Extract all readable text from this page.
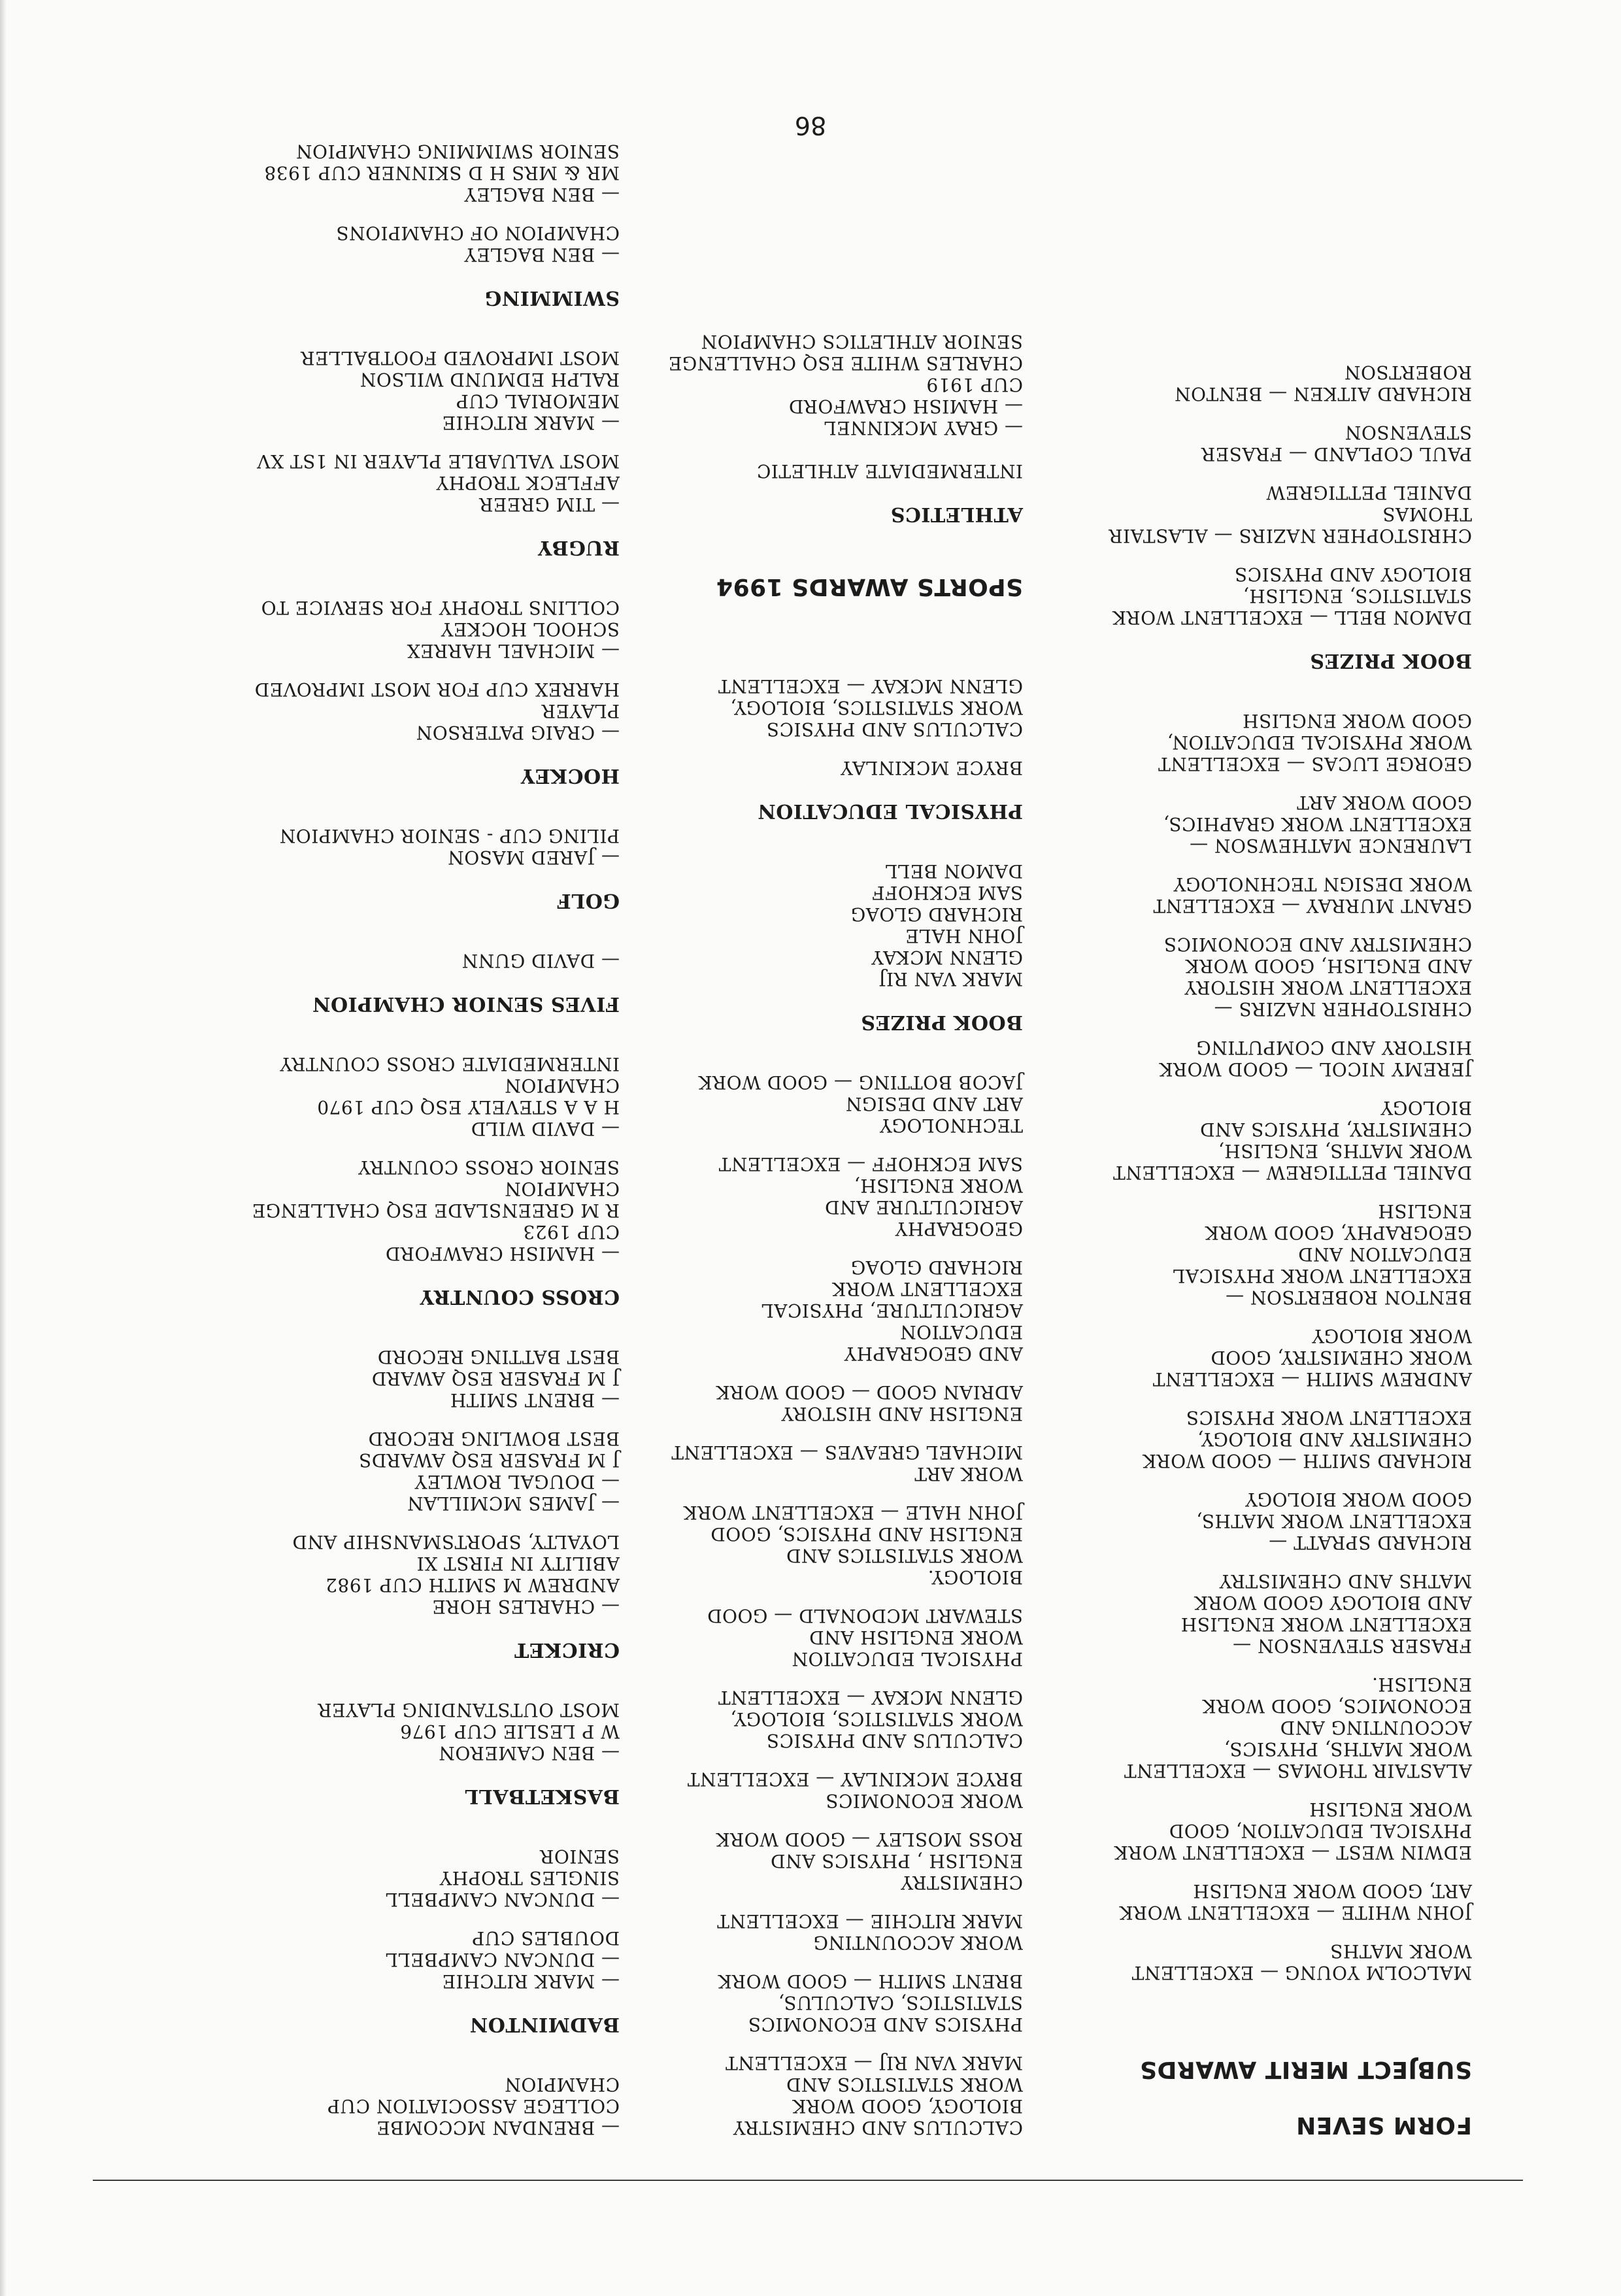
FORM SEVEN

SUBJECT MERIT AWARDS

MALCOLM YOUNG — EXCELLENT
WORK MATHS
JOHN WHITE — EXCELLENT WORK
ART, GOOD WORK ENGLISH
EDWIN WEST — EXCELLENT WORK
PHYSICAL EDUCATION, GOOD
WORK ENGLISH
ALASTAIR THOMAS — EXCELLENT
WORK MATHS, PHYSICS,
ACCOUNTING AND
ECONOMICS, GOOD WORK
ENGLISH.
FRASER STEVENSON —
EXCELLENT WORK ENGLISH
AND BIOLOGY GOOD WORK
MATHS AND CHEMISTRY
RICHARD SPRATT —
EXCELLENT WORK MATHS,
GOOD WORK BIOLOGY
RICHARD SMITH — GOOD WORK
CHEMISTRY AND BIOLOGY,
EXCELLENT WORK PHYSICS
ANDREW SMITH — EXCELLENT
WORK CHEMISTRY, GOOD
WORK BIOLOGY
BENTON ROBERTSON —
EXCELLENT WORK PHYSICAL
EDUCATION AND
GEOGRAPHY, GOOD WORK
ENGLISH
DANIEL PETTIGREW — EXCELLENT
WORK MATHS, ENGLISH,
CHEMISTRY, PHYSICS AND
BIOLOGY
JEREMY NICOL — GOOD WORK
HISTORY AND COMPUTING
CHRISTOPHER NAZIRS —
EXCELLENT WORK HISTORY
AND ENGLISH, GOOD WORK
CHEMISTRY AND ECONOMICS
GRANT MURRAY — EXCELLENT
WORK DESIGN TECHNOLOGY
LAURENCE MATHEWSON —
EXCELLENT WORK GRAPHICS,
GOOD WORK ART
GEORGE LUCAS — EXCELLENT
WORK PHYSICAL EDUCATION,
GOOD WORK ENGLISH

BOOK PRIZES

DAMON BELL — EXCELLENT WORK
STATISTICS, ENGLISH,
BIOLOGY AND PHYSICS
CHRISTOPHER NAZIRS — ALASTAIR
THOMAS
DANIEL PETTIGREW
PAUL COPLAND — FRASER
STEVENSON
RICHARD AITKEN — BENTON
ROBERTSON

CALCULUS AND CHEMISTRY
BIOLOGY, GOOD WORK
WORK STATISTICS AND
MARK VAN RIJ — EXCELLENT
PHYSICS AND ECONOMICS
STATISTICS, CALCULUS,
BRENT SMITH — GOOD WORK
WORK ACCOUNTING
MARK RITCHIE — EXCELLENT
CHEMISTRY
ENGLISH , PHYSICS AND
ROSS MOSLEY — GOOD WORK
WORK ECONOMICS
BRYCE MCKINLAY — EXCELLENT
CALCULUS AND PHYSICS
WORK STATISTICS, BIOLOGY,
GLENN MCKAY — EXCELLENT
PHYSICAL EDUCATION
WORK ENGLISH AND
STEWART MCDONALD — GOOD
BIOLOGY.
WORK STATISTICS AND
ENGLISH AND PHYSICS, GOOD
JOHN HALE — EXCELLENT WORK
WORK ART
MICHAEL GREAVES — EXCELLENT
ENGLISH AND HISTORY
ADRIAN GOOD — GOOD WORK
AND GEOGRAPHY
EDUCATION
AGRICULTURE, PHYSICAL
EXCELLENT WORK
RICHARD GLOAG
GEOGRAPHY
AGRICULTURE AND
WORK ENGLISH,
SAM ECKHOFF — EXCELLENT
TECHNOLOGY
ART AND DESIGN
JACOB BOTTING — GOOD WORK

BOOK PRIZES

MARK VAN RIJ
GLENN MCKAY
JOHN HALE
RICHARD GLOAG
SAM ECKHOFF
DAMON BELL

PHYSICAL EDUCATION

BRYCE MCKINLAY
CALCULUS AND PHYSICS
WORK STATISTICS, BIOLOGY,
GLENN MCKAY — EXCELLENT

SPORTS AWARDS 1994

ATHLETICS

INTERMEDIATE ATHLETIC

— GRAY MCKINNEL
— HAMISH CRAWFORD
CUP 1919
CHARLES WHITE ESQ CHALLENGE
SENIOR ATHLETICS CHAMPION

— BRENDAN MCCOMBE
COLLEGE ASSOCIATION CUP
CHAMPION

BADMINTON

— MARK RITCHIE
— DUNCAN CAMPBELL
DOUBLES CUP
— DUNCAN CAMPBELL
SINGLES TROPHY
SENIOR

BASKETBALL

— BEN CAMERON
W P LESLIE CUP 1976
MOST OUTSTANDING PLAYER

CRICKET

— CHARLES HORE
ANDREW M SMITH CUP 1982
ABILITY IN FIRST XI
LOYALTY, SPORTSMANSHIP AND
— JAMES MCMILLAN
— DOUGAL ROWLEY
J M FRASER ESQ AWARDS
BEST BOWLING RECORD
— BRENT SMITH
J M FRASER ESQ AWARD
BEST BATTING RECORD

CROSS COUNTRY

— HAMISH CRAWFORD
CUP 1923
R M GREENSLADE ESQ CHALLENGE
CHAMPION
SENIOR CROSS COUNTRY
— DAVID WILD
H A A STEVELY ESQ CUP 1970
CHAMPION
INTERMEDIATE CROSS COUNTRY

FIVES SENIOR CHAMPION

— DAVID GUNN

GOLF

— JARED MASON
PILING CUP - SENIOR CHAMPION

HOCKEY

— CRAIG PATERSON
PLAYER
HARREX CUP FOR MOST IMPROVED
— MICHAEL HARREX
SCHOOL HOCKEY
COLLINS TROPHY FOR SERVICE TO

RUGBY

— TIM GREER
AFFLECK TROPHY
MOST VALUABLE PLAYER IN 1ST XV
— MARK RITCHIE
MEMORIAL CUP
RALPH EDMUND WILSON
MOST IMPROVED FOOTBALLER

SWIMMING

— BEN BAGLEY
CHAMPION OF CHAMPIONS
— BEN BAGLEY
MR & MRS H D SKINNER CUP 1938
SENIOR SWIMMING CHAMPION

86
